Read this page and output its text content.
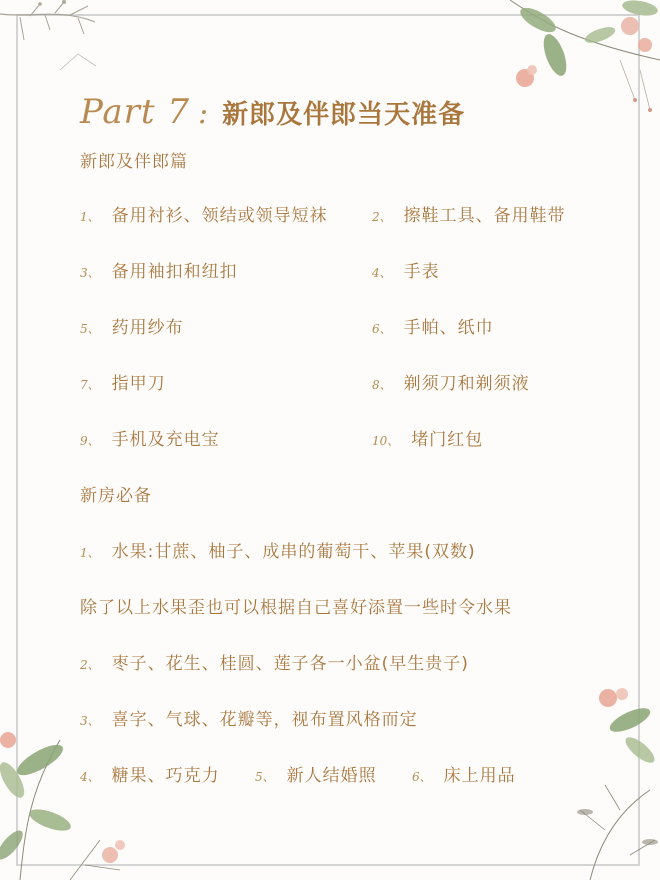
Part 7 : 新郎及伴郎当天准备
新郎及伴郎篇
1、 备用衬衫、领结或领导短袜	2、 擦鞋工具、备用鞋带
3、 备用袖扣和纽扣	4、 手表
5、 药用纱布	6、 手帕、纸巾
7、 指甲刀	8、 剃须刀和剃须液
9、 手机及充电宝	10、 堵门红包
新房必备
1、 水果:甘蔗、柚子、成串的葡萄干、苹果(双数)
除了以上水果歪也可以根据自己喜好添置一些时令水果
2、 枣子、花生、桂圆、莲子各一小盆(早生贵子)
3、 喜字、气球、花瓣等，视布置风格而定
4、 糖果、巧克力	5、 新人结婚照	6、 床上用品
